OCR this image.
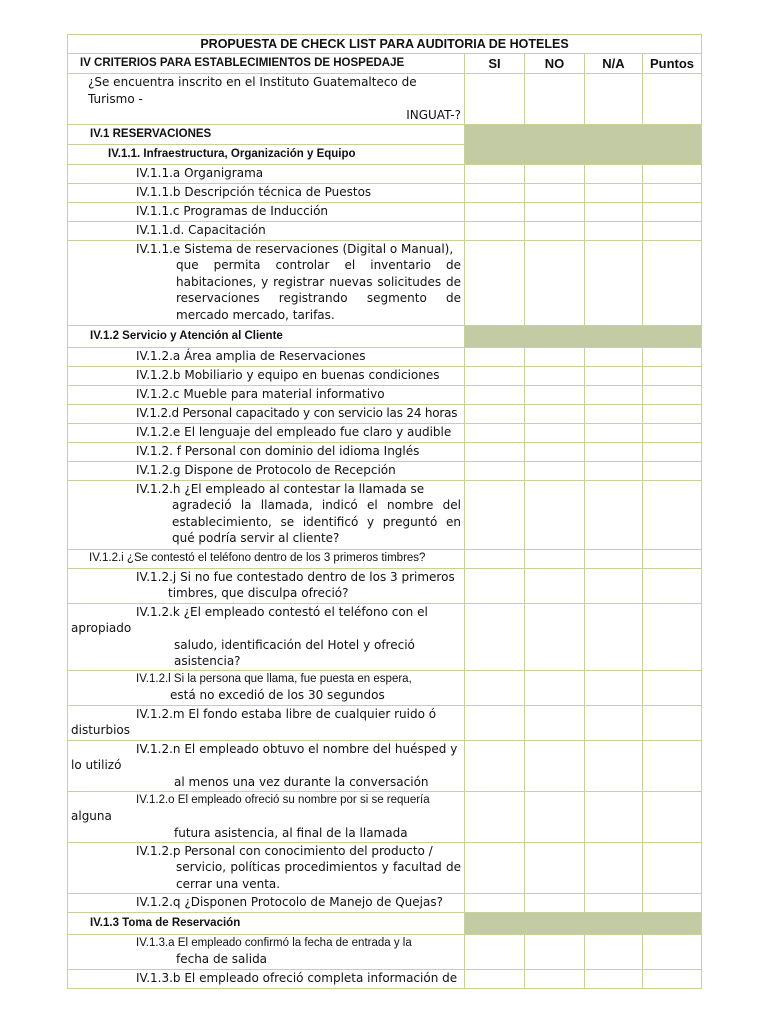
PROPUESTA DE CHECK LIST PARA AUDITORIA DE HOTELES				
IV CRITERIOS PARA ESTABLECIMIENTOS DE HOSPEDAJE	SI	NO	N/A	Puntos

¿Se encuentra inscrito en el Instituto Guatemalteco de Turismo -
INGUAT-?				

IV.1 RESERVACIONES				
IV.1.1. Infraestructura, Organización y Equipo				
IV.1.1.a Organigrama				
IV.1.1.b Descripción técnica de Puestos				
IV.1.1.c Programas de Inducción				
IV.1.1.d. Capacitación				

IV.1.1.e Sistema de reservaciones (Digital o Manual),
que permita controlar el inventario de habitaciones, y registrar nuevas solicitudes de reservaciones registrando segmento de mercado mercado, tarifas.				

IV.1.2 Servicio y Atención al Cliente				
IV.1.2.a Área amplia de Reservaciones				
IV.1.2.b Mobiliario y equipo en buenas condiciones				
IV.1.2.c Mueble para material informativo				
IV.1.2.d Personal capacitado y con servicio las 24 horas				
IV.1.2.e El lenguaje del empleado fue claro y audible				
IV.1.2. f Personal con dominio del idioma Inglés				
IV.1.2.g Dispone de Protocolo de Recepción				

IV.1.2.h ¿El empleado al contestar la llamada se
agradeció la llamada, indicó el nombre del establecimiento, se identificó y preguntó en qué podría servir al cliente?				

IV.1.2.i ¿Se contestó el teléfono dentro de los 3 primeros timbres?				

IV.1.2.j Si no fue contestado dentro de los 3 primeros
timbres, que disculpa ofreció?				

IV.1.2.k ¿El empleado contestó el teléfono con el
apropiado
saludo, identificación del Hotel y ofreció
asistencia?				

IV.1.2.l Si la persona que llama, fue puesta en espera,
está no excedió de los 30 segundos				

IV.1.2.m El fondo estaba libre de cualquier ruido ó
disturbios				

IV.1.2.n El empleado obtuvo el nombre del huésped y
lo utilizó
al menos una vez durante la conversación				

IV.1.2.o El empleado ofreció su nombre por si se requería
alguna
futura asistencia, al final de la llamada				

IV.1.2.p Personal con conocimiento del producto /
servicio, políticas procedimientos y facultad de cerrar una venta.				

IV.1.2.q ¿Disponen Protocolo de Manejo de Quejas?				
IV.1.3 Toma de Reservación				

IV.1.3.a El empleado confirmó la fecha de entrada y la
fecha de salida				

IV.1.3.b El empleado ofreció completa información de				
